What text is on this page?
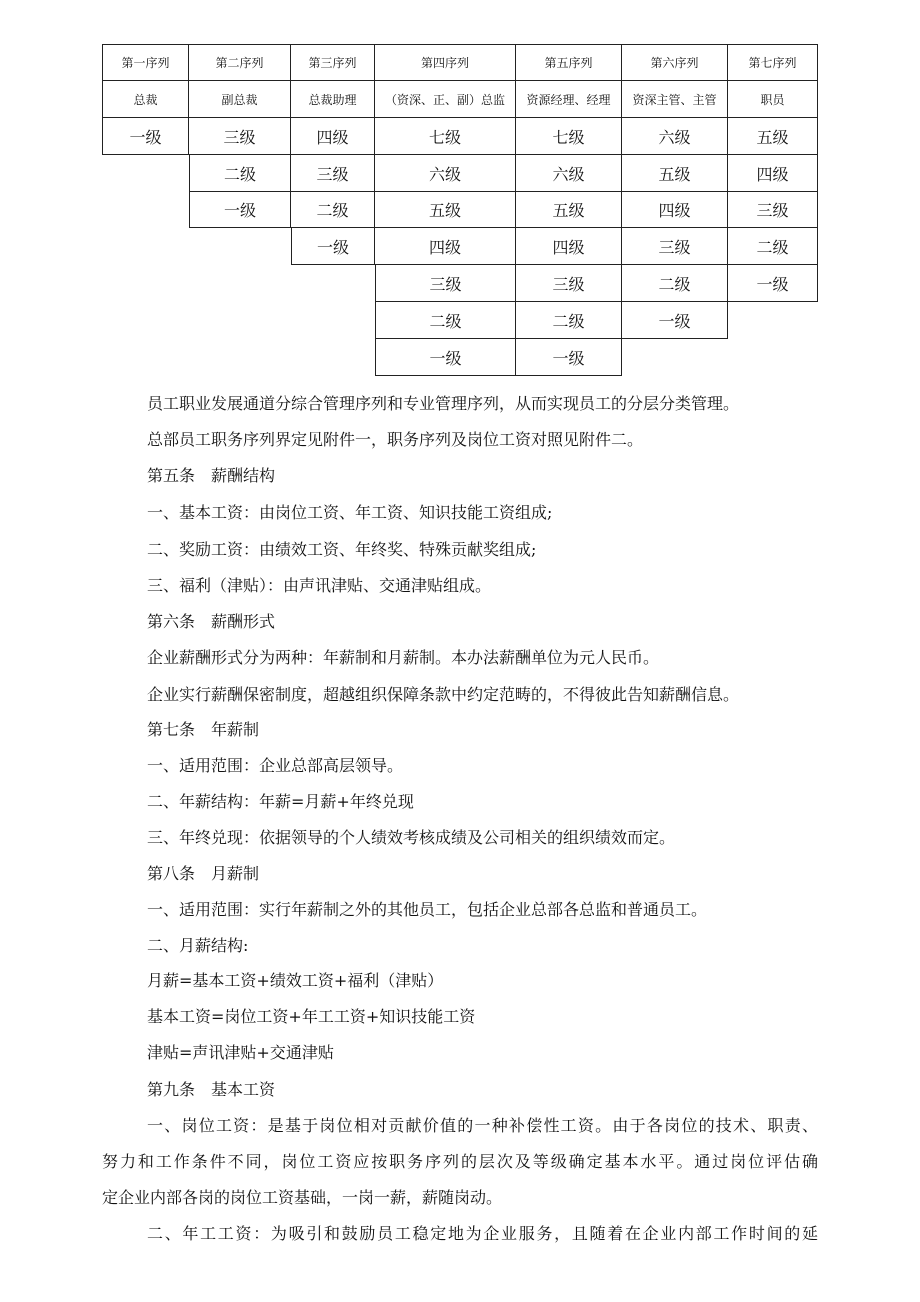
第一序列
总裁
一级
第二序列
副总裁
三级
二级
一级
第三序列
总裁助理
四级
三级
二级
一级
第四序列
（资深、正、副）总监
七级
六级
五级
四级
三级
二级
一级
第五序列
资源经理、经理
七级
六级
五级
四级
三级
二级
一级
第六序列
资深主管、主管
六级
五级
四级
三级
二级
一级
第七序列
职员
五级
四级
三级
二级
一级
员工职业发展通道分综合管理序列和专业管理序列，从而实现员工的分层分类管理。
总部员工职务序列界定见附件一，职务序列及岗位工资对照见附件二。
第五条　薪酬结构
一、基本工资：由岗位工资、年工资、知识技能工资组成;
二、奖励工资：由绩效工资、年终奖、特殊贡献奖组成;
三、福利（津贴）：由声讯津贴、交通津贴组成。
第六条　薪酬形式
企业薪酬形式分为两种：年薪制和月薪制。本办法薪酬单位为元人民币。
企业实行薪酬保密制度，超越组织保障条款中约定范畴的，不得彼此告知薪酬信息。
第七条　年薪制
一、适用范围：企业总部高层领导。
二、年薪结构：年薪=月薪+年终兑现
三、年终兑现：依据领导的个人绩效考核成绩及公司相关的组织绩效而定。
第八条　月薪制
一、适用范围：实行年薪制之外的其他员工，包括企业总部各总监和普通员工。
二、月薪结构:
月薪=基本工资+绩效工资+福利（津贴）
基本工资=岗位工资+年工工资+知识技能工资
津贴=声讯津贴+交通津贴
第九条　基本工资
一、岗位工资：是基于岗位相对贡献价值的一种补偿性工资。由于各岗位的技术、职责、
努力和工作条件不同，岗位工资应按职务序列的层次及等级确定基本水平。通过岗位评估确
定企业内部各岗的岗位工资基础，一岗一薪，薪随岗动。
二、年工工资：为吸引和鼓励员工稳定地为企业服务，且随着在企业内部工作时间的延
